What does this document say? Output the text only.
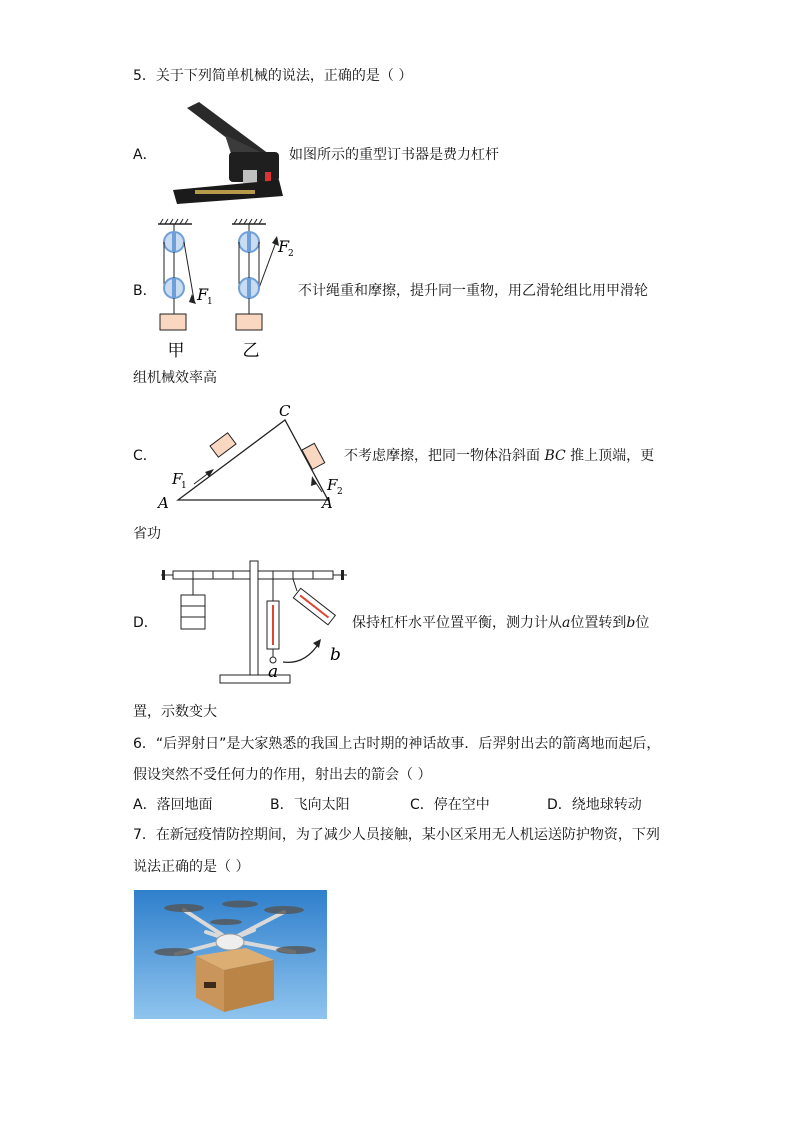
5．关于下列简单机械的说法，正确的是（ ）
A．	如图所示的重型订书器是费力杠杆
B．	F
1
甲
F
2
乙
不计绳重和摩擦，提升同一重物，用乙滑轮组比用甲滑轮
组机械效率高
C．
C
A	A
F
1	F 2
不考虑摩擦，把同一物体沿斜面 BC 推上顶端，更
省功
D．
a
b
保持杠杆水平位置平衡，测力计从a位置转到b位
置，示数变大
6．“后羿射日”是大家熟悉的我国上古时期的神话故事．后羿射出去的箭离地而起后，
假设突然不受任何力的作用，射出去的箭会（ ）
A．落回地面	B．飞向太阳	C．停在空中	D．绕地球转动
7．在新冠疫情防控期间，为了减少人员接触，某小区采用无人机运送防护物资，下列
说法正确的是（ ）
